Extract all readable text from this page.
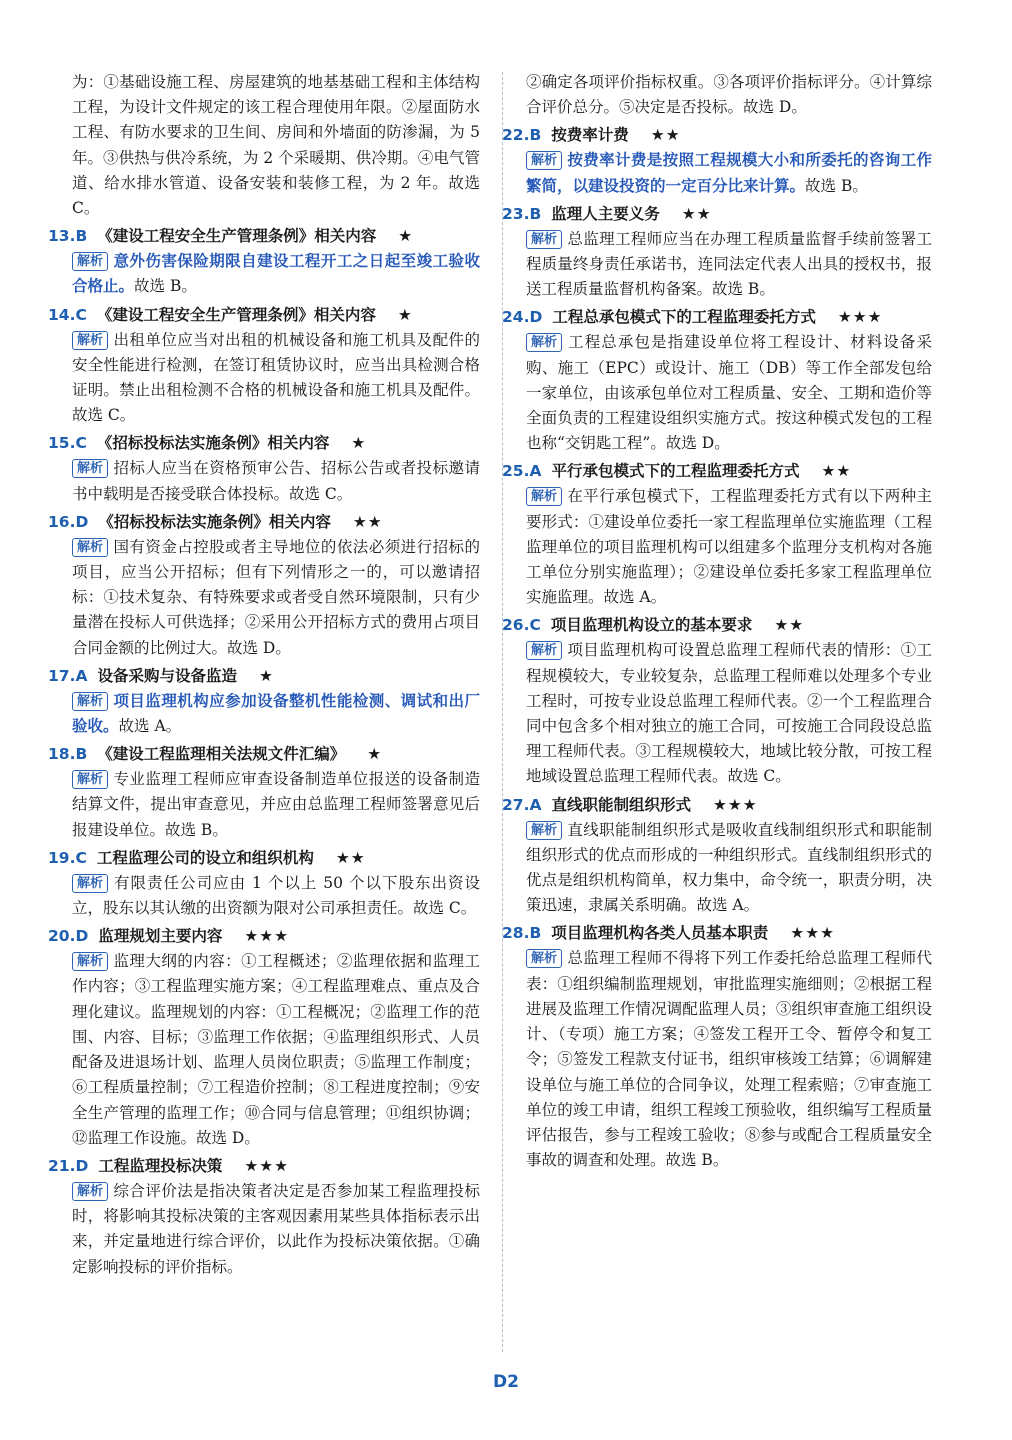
为：①基础设施工程、房屋建筑的地基基础工程和主体结构工程，为设计文件规定的该工程合理使用年限。②屋面防水工程、有防水要求的卫生间、房间和外墙面的防渗漏，为 5 年。③供热与供冷系统，为 2 个采暖期、供冷期。④电气管道、给水排水管道、设备安装和装修工程，为 2 年。故选 C。

13.B 《建设工程安全生产管理条例》相关内容 ★

解析 意外伤害保险期限自建设工程开工之日起至竣工验收合格止。故选 B。

14.C 《建设工程安全生产管理条例》相关内容 ★

解析 出租单位应当对出租的机械设备和施工机具及配件的安全性能进行检测，在签订租赁协议时，应当出具检测合格证明。禁止出租检测不合格的机械设备和施工机具及配件。故选 C。

15.C 《招标投标法实施条例》相关内容 ★

解析 招标人应当在资格预审公告、招标公告或者投标邀请书中载明是否接受联合体投标。故选 C。

16.D 《招标投标法实施条例》相关内容 ★★

解析 国有资金占控股或者主导地位的依法必须进行招标的项目，应当公开招标；但有下列情形之一的，可以邀请招标：①技术复杂、有特殊要求或者受自然环境限制，只有少量潜在投标人可供选择；②采用公开招标方式的费用占项目合同金额的比例过大。故选 D。

17.A 设备采购与设备监造 ★

解析 项目监理机构应参加设备整机性能检测、调试和出厂验收。故选 A。

18.B 《建设工程监理相关法规文件汇编》 ★

解析 专业监理工程师应审查设备制造单位报送的设备制造结算文件，提出审查意见，并应由总监理工程师签署意见后报建设单位。故选 B。

19.C 工程监理公司的设立和组织机构 ★★

解析 有限责任公司应由 1 个以上 50 个以下股东出资设立，股东以其认缴的出资额为限对公司承担责任。故选 C。

20.D 监理规划主要内容 ★★★

解析 监理大纲的内容：①工程概述；②监理依据和监理工作内容；③工程监理实施方案；④工程监理难点、重点及合理化建议。监理规划的内容：①工程概况；②监理工作的范围、内容、目标；③监理工作依据；④监理组织形式、人员配备及进退场计划、监理人员岗位职责；⑤监理工作制度；⑥工程质量控制；⑦工程造价控制；⑧工程进度控制；⑨安全生产管理的监理工作；⑩合同与信息管理；⑪组织协调；⑫监理工作设施。故选 D。

21.D 工程监理投标决策 ★★★

解析 综合评价法是指决策者决定是否参加某工程监理投标时，将影响其投标决策的主客观因素用某些具体指标表示出来，并定量地进行综合评价，以此作为投标决策依据。①确定影响投标的评价指标。

②确定各项评价指标权重。③各项评价指标评分。④计算综合评价总分。⑤决定是否投标。故选 D。

22.B 按费率计费 ★★

解析 按费率计费是按照工程规模大小和所委托的咨询工作繁简，以建设投资的一定百分比来计算。故选 B。

23.B 监理人主要义务 ★★

解析 总监理工程师应当在办理工程质量监督手续前签署工程质量终身责任承诺书，连同法定代表人出具的授权书，报送工程质量监督机构备案。故选 B。

24.D 工程总承包模式下的工程监理委托方式 ★★★

解析 工程总承包是指建设单位将工程设计、材料设备采购、施工（EPC）或设计、施工（DB）等工作全部发包给一家单位，由该承包单位对工程质量、安全、工期和造价等全面负责的工程建设组织实施方式。按这种模式发包的工程也称“交钥匙工程”。故选 D。

25.A 平行承包模式下的工程监理委托方式 ★★

解析 在平行承包模式下，工程监理委托方式有以下两种主要形式：①建设单位委托一家工程监理单位实施监理（工程监理单位的项目监理机构可以组建多个监理分支机构对各施工单位分别实施监理）；②建设单位委托多家工程监理单位实施监理。故选 A。

26.C 项目监理机构设立的基本要求 ★★

解析 项目监理机构可设置总监理工程师代表的情形：①工程规模较大，专业较复杂，总监理工程师难以处理多个专业工程时，可按专业设总监理工程师代表。②一个工程监理合同中包含多个相对独立的施工合同，可按施工合同段设总监理工程师代表。③工程规模较大，地域比较分散，可按工程地域设置总监理工程师代表。故选 C。

27.A 直线职能制组织形式 ★★★

解析 直线职能制组织形式是吸收直线制组织形式和职能制组织形式的优点而形成的一种组织形式。直线制组织形式的优点是组织机构简单，权力集中，命令统一，职责分明，决策迅速，隶属关系明确。故选 A。

28.B 项目监理机构各类人员基本职责 ★★★

解析 总监理工程师不得将下列工作委托给总监理工程师代表：①组织编制监理规划，审批监理实施细则；②根据工程进展及监理工作情况调配监理人员；③组织审查施工组织设计、（专项）施工方案；④签发工程开工令、暂停令和复工令；⑤签发工程款支付证书，组织审核竣工结算；⑥调解建设单位与施工单位的合同争议，处理工程索赔；⑦审查施工单位的竣工申请，组织工程竣工预验收，组织编写工程质量评估报告，参与工程竣工验收；⑧参与或配合工程质量安全事故的调查和处理。故选 B。

D2
